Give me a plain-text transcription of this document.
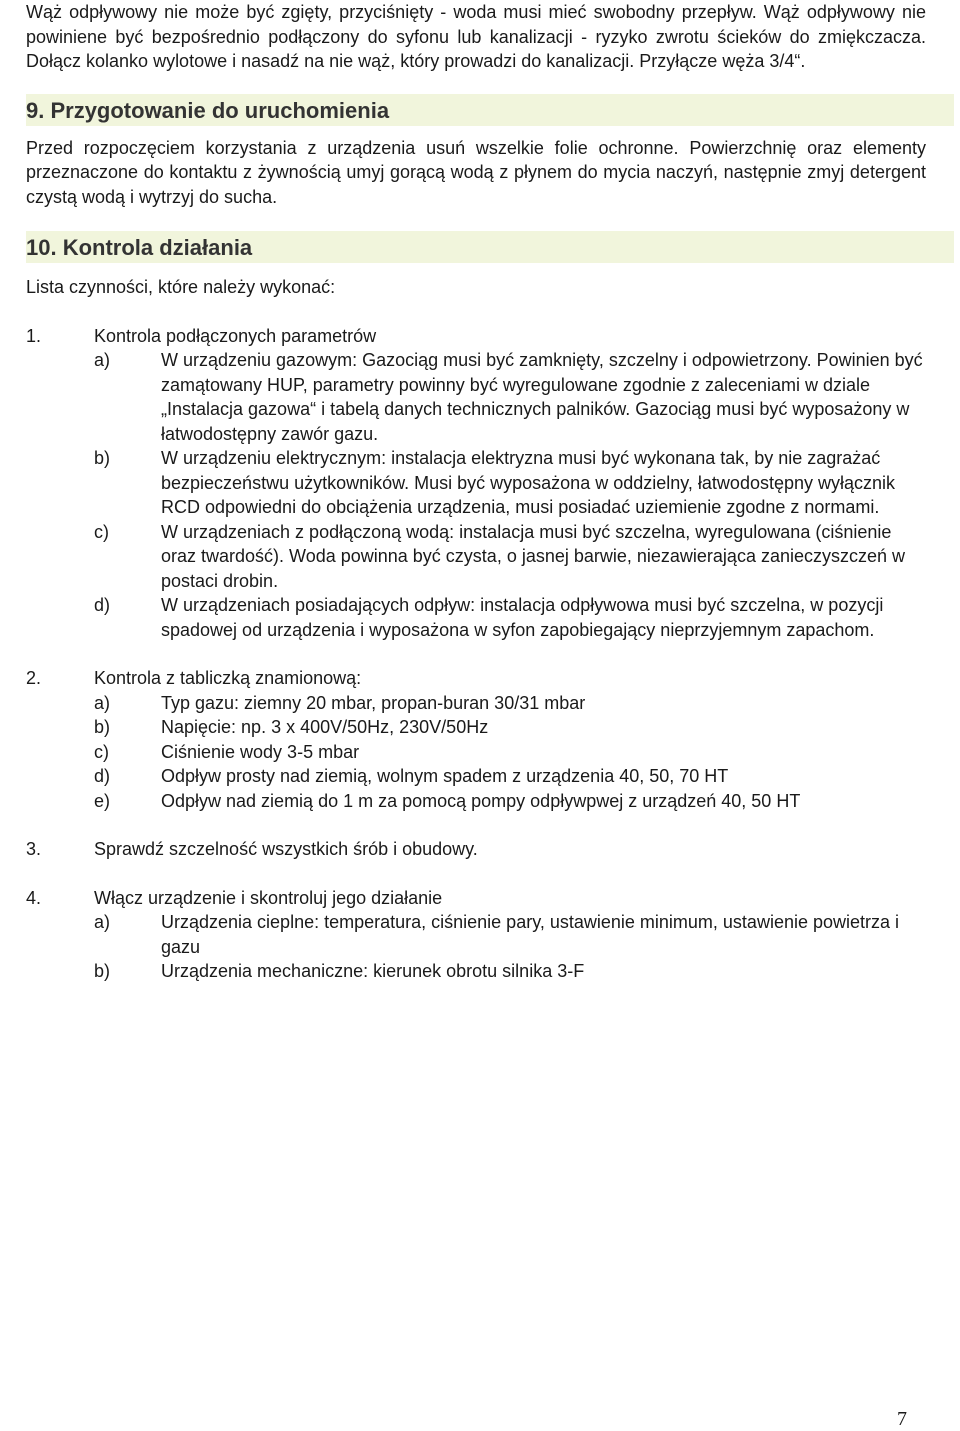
Wąż odpływowy nie może być zgięty, przyciśnięty - woda musi mieć swobodny przepływ. Wąż odpływowy nie powiniene być bezpośrednio podłączony do syfonu lub kanalizacji - ryzyko zwrotu ścieków do zmiękczacza. Dołącz kolanko wylotowe i nasadź na nie wąż, który prowadzi do kanalizacji. Przyłącze węża 3/4“.

9. Przygotowanie do uruchomienia

Przed rozpoczęciem korzystania z urządzenia usuń wszelkie folie ochronne. Powierzchnię oraz elementy przeznaczone do kontaktu z żywnością umyj gorącą wodą z płynem do mycia naczyń, następnie zmyj detergent czystą wodą i wytrzyj do sucha.

10. Kontrola działania

Lista czynności, które należy wykonać:

1.	Kontrola podłączonych parametrów
a)	W urządzeniu gazowym: Gazociąg musi być zamknięty, szczelny i odpowietrzony. Powinien być zamątowany HUP, parametry powinny być wyregulowane zgodnie z zaleceniami w dziale „Instalacja gazowa“ i tabelą danych technicznych palników. Gazociąg musi być wyposażony w łatwodostępny zawór gazu.
b)	W urządzeniu elektrycznym: instalacja elektryzna musi być wykonana tak, by nie zagrażać bezpieczeństwu użytkowników. Musi być wyposażona w oddzielny, łatwodostępny wyłącznik RCD odpowiedni do obciążenia urządzenia, musi posiadać uziemienie zgodne z normami.
c)	W urządzeniach z podłączoną wodą: instalacja musi być szczelna, wyregulowana (ciśnienie oraz twardość). Woda powinna być czysta, o jasnej barwie, niezawierająca zanieczyszczeń w postaci drobin.
d)	W urządzeniach posiadających odpływ: instalacja odpływowa musi być szczelna, w pozycji spadowej od urządzenia i wyposażona w syfon zapobiegający nieprzyjemnym zapachom.
2.	Kontrola z tabliczką znamionową:
a)	Typ gazu: ziemny 20 mbar, propan-buran 30/31 mbar
b)	Napięcie: np. 3 x 400V/50Hz, 230V/50Hz
c)	Ciśnienie wody 3-5 mbar
d)	Odpływ prosty nad ziemią, wolnym spadem z urządzenia 40, 50, 70 HT
e)	Odpływ nad ziemią do 1 m za pomocą pompy odpływpwej z urządzeń 40, 50 HT
3.	Sprawdź szczelność wszystkich śrób i obudowy.
4.	Włącz urządzenie i skontroluj jego działanie
a)	Urządzenia cieplne: temperatura, ciśnienie pary, ustawienie minimum, ustawienie powietrza i gazu
b)	Urządzenia mechaniczne: kierunek obrotu silnika 3-F
7
